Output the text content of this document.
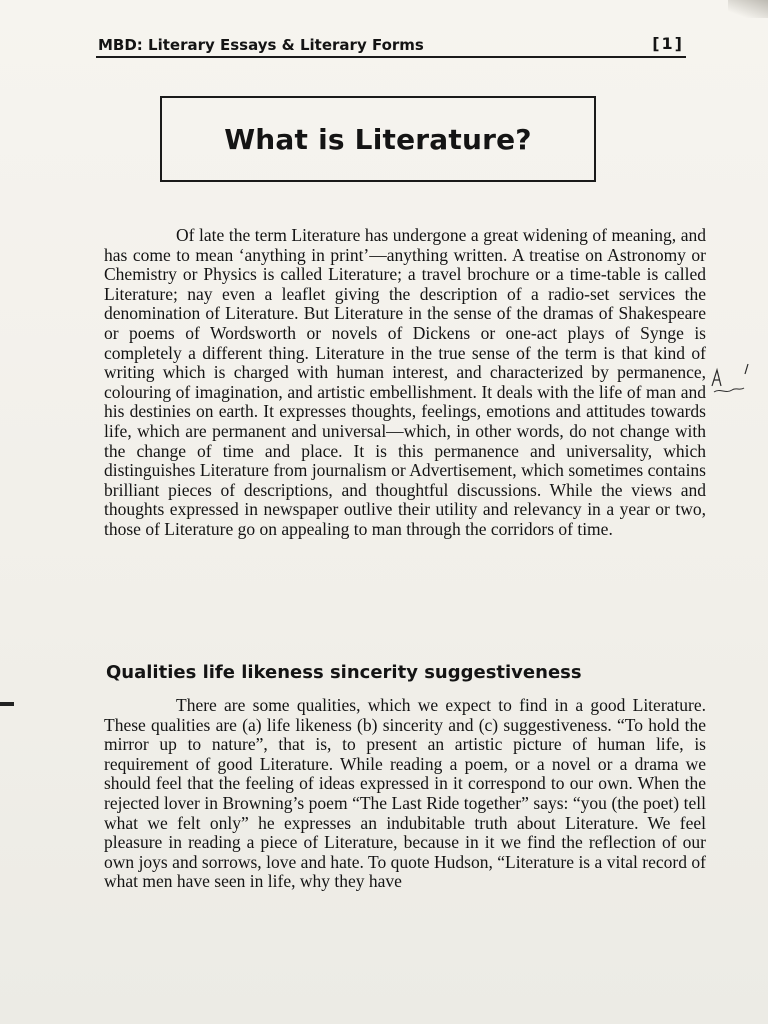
MBD: Literary Essays & Literary Forms	[1]
What is Literature?

Of late the term Literature has undergone a great widening of meaning, and has come to mean ‘anything in print’—anything written. A treatise on Astronomy or Chemistry or Physics is called Literature; a travel brochure or a time-table is called Literature; nay even a leaflet giving the description of a radio-set services the denomination of Literature. But Literature in the sense of the dramas of Shakespeare or poems of Wordsworth or novels of Dickens or one-act plays of Synge is completely a different thing. Literature in the true sense of the term is that kind of writing which is charged with human interest, and characterized by permanence, colouring of imagination, and artistic embellishment. It deals with the life of man and his destinies on earth. It expresses thoughts, feelings, emotions and attitudes towards life, which are permanent and universal—which, in other words, do not change with the change of time and place. It is this permanence and universality, which distinguishes Literature from journalism or Advertisement, which sometimes contains brilliant pieces of descriptions, and thoughtful discussions. While the views and thoughts expressed in newspaper outlive their utility and relevancy in a year or two, those of Literature go on appealing to man through the corridors of time.

Qualities life likeness sincerity suggestiveness

There are some qualities, which we expect to find in a good Literature. These qualities are (a) life likeness (b) sincerity and (c) suggestiveness. “To hold the mirror up to nature”, that is, to present an artistic picture of human life, is requirement of good Literature. While reading a poem, or a novel or a drama we should feel that the feeling of ideas expressed in it correspond to our own. When the rejected lover in Browning’s poem “The Last Ride together” says: “you (the poet) tell what we felt only” he expresses an indubitable truth about Literature. We feel pleasure in reading a piece of Literature, because in it we find the reflection of our own joys and sorrows, love and hate. To quote Hudson, “Literature is a vital record of what men have seen in life, why they have
